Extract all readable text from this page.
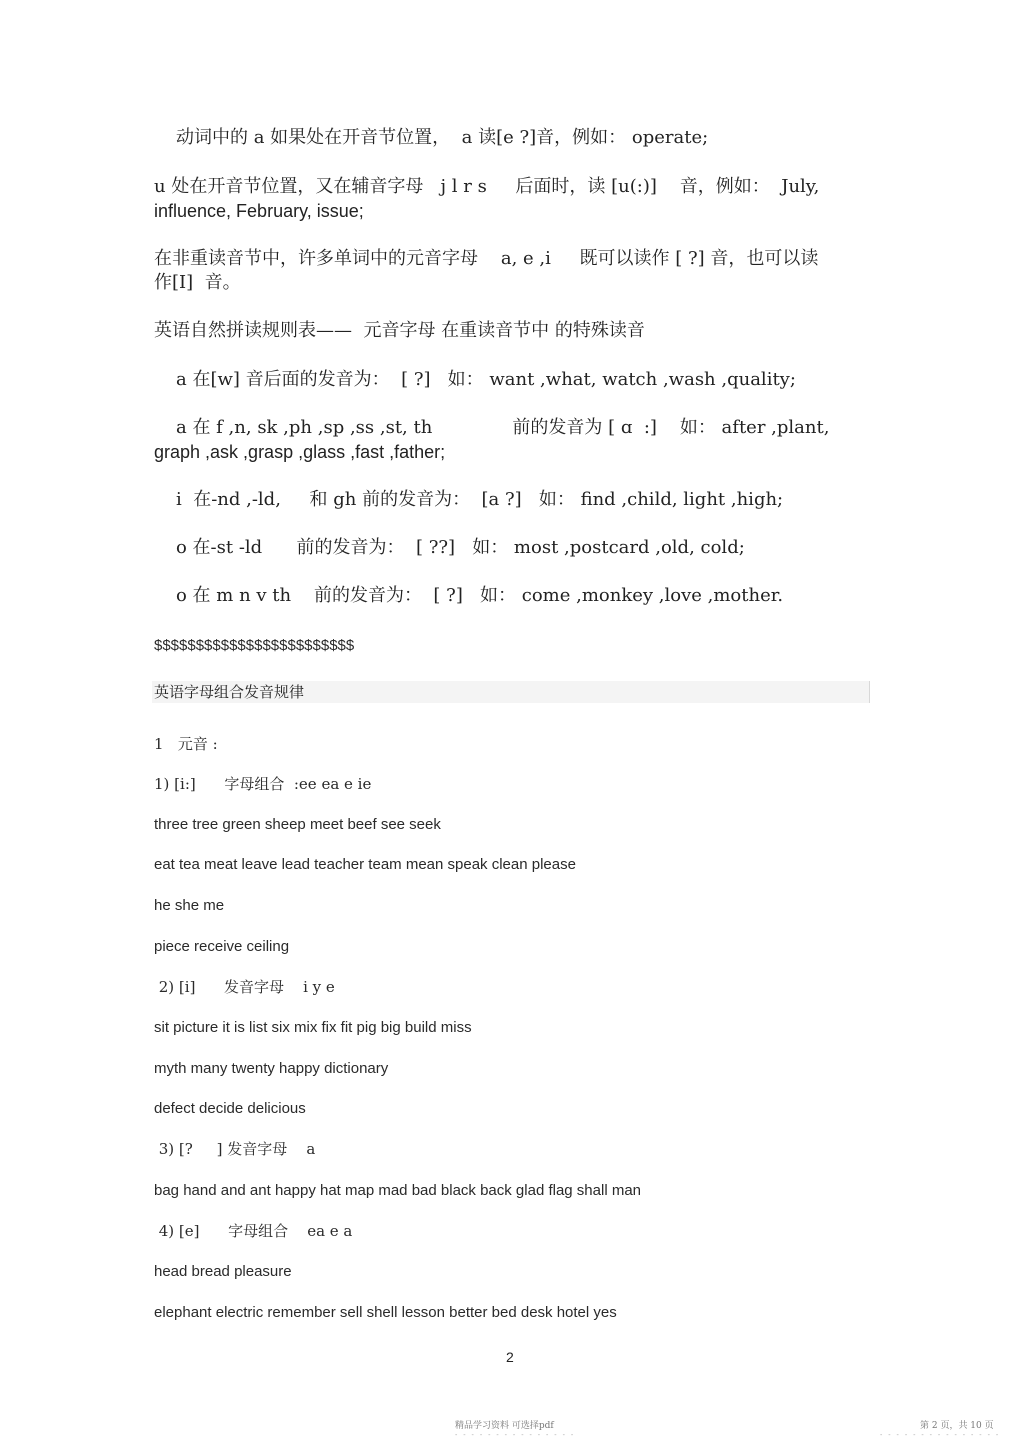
动词中的 a 如果处在开音节位置，  a 读[e ?]音，例如： operate;
u 处在开音节位置，又在辅音字母   j l r s     后面时，读 [u(:)]    音，例如：  July,
influence, February, issue;
在非重读音节中，许多单词中的元音字母    a, e ,i     既可以读作 [ ?] 音，也可以读
作[I]  音。
英语自然拼读规则表——  元音字母 在重读音节中 的特殊读音
a 在[w] 音后面的发音为：  [ ?]   如： want ,what, watch ,wash ,quality;
a 在 f ,n, sk ,ph ,sp ,ss ,st, th              前的发音为 [ ɑ  :]    如： after ,plant,
graph ,ask ,grasp ,glass ,fast ,father;
i  在-nd ,-ld,     和 gh 前的发音为：  [a ?]   如： find ,child, light ,high;
o 在-st -ld      前的发音为：  [ ??]   如： most ,postcard ,old, cold;
o 在 m n v th    前的发音为：  [ ?]   如： come ,monkey ,love ,mother.
$$$$$$$$$$$$$$$$$$$$$$$$
英语字母组合发音规律
1   元音 :
1) [i:]      字母组合  :ee ea e ie
three tree green sheep meet beef see seek
eat tea meat leave lead teacher team mean speak clean please
he she me
piece receive ceiling
2) [i]      发音字母    i y e
sit picture it is list six mix fix fit pig big build miss
myth many twenty happy dictionary
defect decide delicious
3) [?     ] 发音字母    a
bag hand and ant happy hat map mad bad black back glad flag shall man
4) [e]      字母组合    ea e a
head bread pleasure
elephant electric remember sell shell lesson better bed desk hotel yes
2
精品学习资料 可选择pdf	第 2 页，共 10 页
- - - - - - - - - - - - - - -	- - - - - - - - - - - - - - -
